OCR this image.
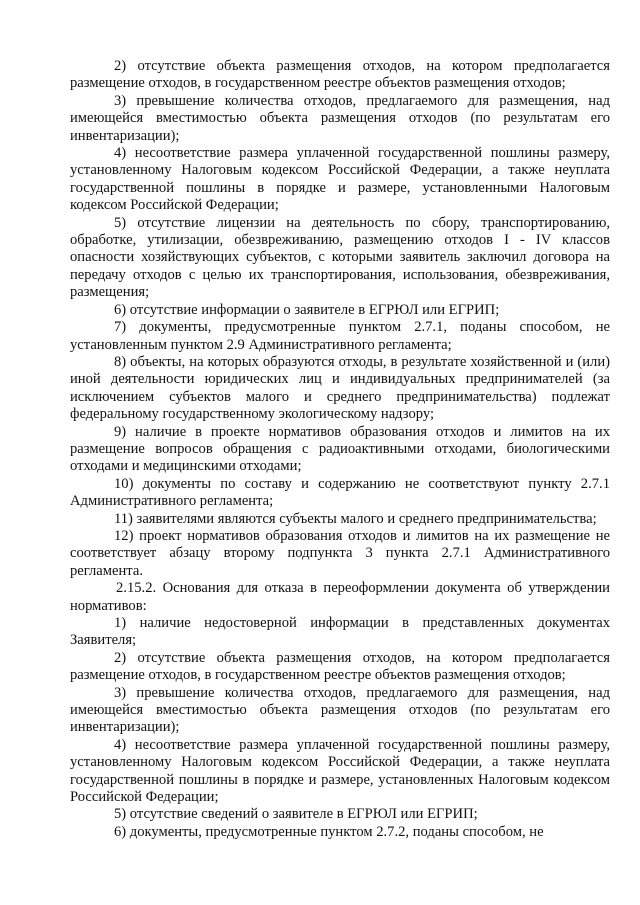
2) отсутствие объекта размещения отходов, на котором предполагается размещение отходов, в государственном реестре объектов размещения отходов;

3) превышение количества отходов, предлагаемого для размещения, над имеющейся вместимостью объекта размещения отходов (по результатам его инвентаризации);

4) несоответствие размера уплаченной государственной пошлины размеру, установленному Налоговым кодексом Российской Федерации, а также неуплата государственной пошлины в порядке и размере, установленными Налоговым кодексом Российской Федерации;

5) отсутствие лицензии на деятельность по сбору, транспортированию, обработке, утилизации, обезвреживанию, размещению отходов I - IV классов опасности хозяйствующих субъектов, с которыми заявитель заключил договора на передачу отходов с целью их транспортирования, использования, обезвреживания, размещения;

6) отсутствие информации о заявителе в ЕГРЮЛ или ЕГРИП;

7) документы, предусмотренные пунктом 2.7.1, поданы способом, не установленным пунктом 2.9 Административного регламента;

8) объекты, на которых образуются отходы, в результате хозяйственной и (или) иной деятельности юридических лиц и индивидуальных предпринимателей (за исключением субъектов малого и среднего предпринимательства) подлежат федеральному государственному экологическому надзору;

9) наличие в проекте нормативов образования отходов и лимитов на их размещение вопросов обращения с радиоактивными отходами, биологическими отходами и медицинскими отходами;

10) документы по составу и содержанию не соответствуют пункту 2.7.1 Административного регламента;

11) заявителями являются субъекты малого и среднего предпринимательства;

12) проект нормативов образования отходов и лимитов на их размещение не соответствует абзацу второму подпункта 3 пункта 2.7.1 Административного регламента.

2.15.2. Основания для отказа в переоформлении документа об утверждении нормативов:

1) наличие недостоверной информации в представленных документах Заявителя;

2) отсутствие объекта размещения отходов, на котором предполагается размещение отходов, в государственном реестре объектов размещения отходов;

3) превышение количества отходов, предлагаемого для размещения, над имеющейся вместимостью объекта размещения отходов (по результатам его инвентаризации);

4) несоответствие размера уплаченной государственной пошлины размеру, установленному Налоговым кодексом Российской Федерации, а также неуплата государственной пошлины в порядке и размере, установленных Налоговым кодексом Российской Федерации;

5) отсутствие сведений о заявителе в ЕГРЮЛ или ЕГРИП;

6) документы, предусмотренные пунктом 2.7.2, поданы способом, не
